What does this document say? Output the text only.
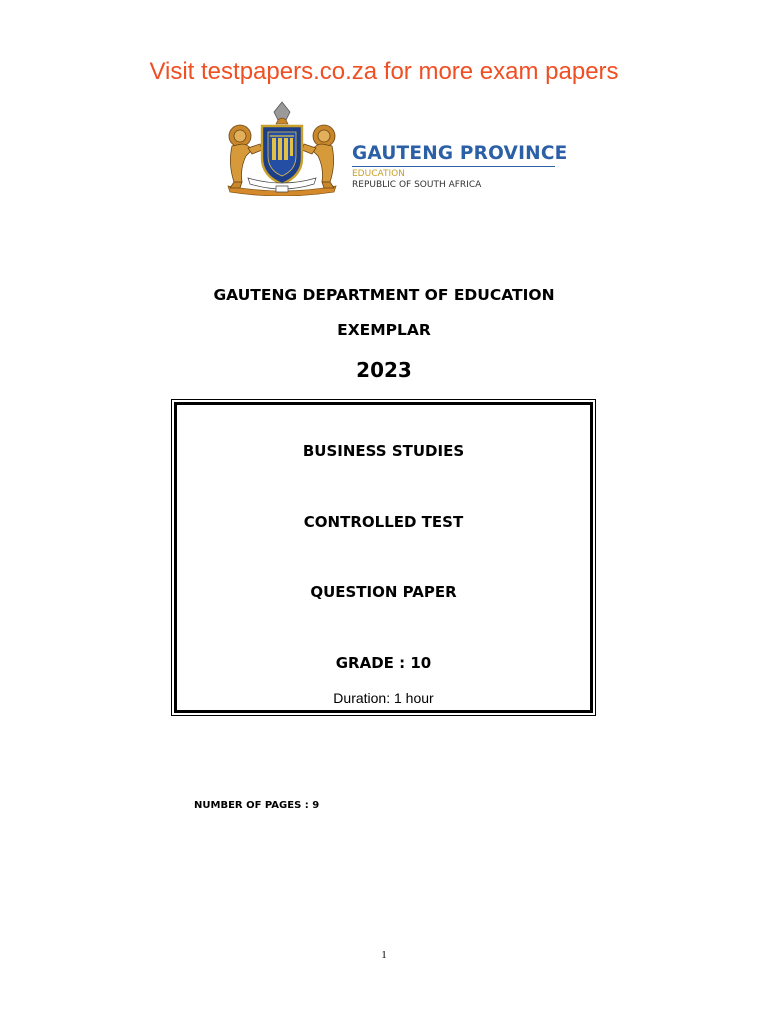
Visit testpapers.co.za for more exam papers
GAUTENG PROVINCE
EDUCATION
REPUBLIC OF SOUTH AFRICA
GAUTENG DEPARTMENT OF EDUCATION
EXEMPLAR
2023
BUSINESS STUDIES
CONTROLLED TEST
QUESTION PAPER
GRADE : 10
Duration: 1 hour
NUMBER OF PAGES : 9
1
